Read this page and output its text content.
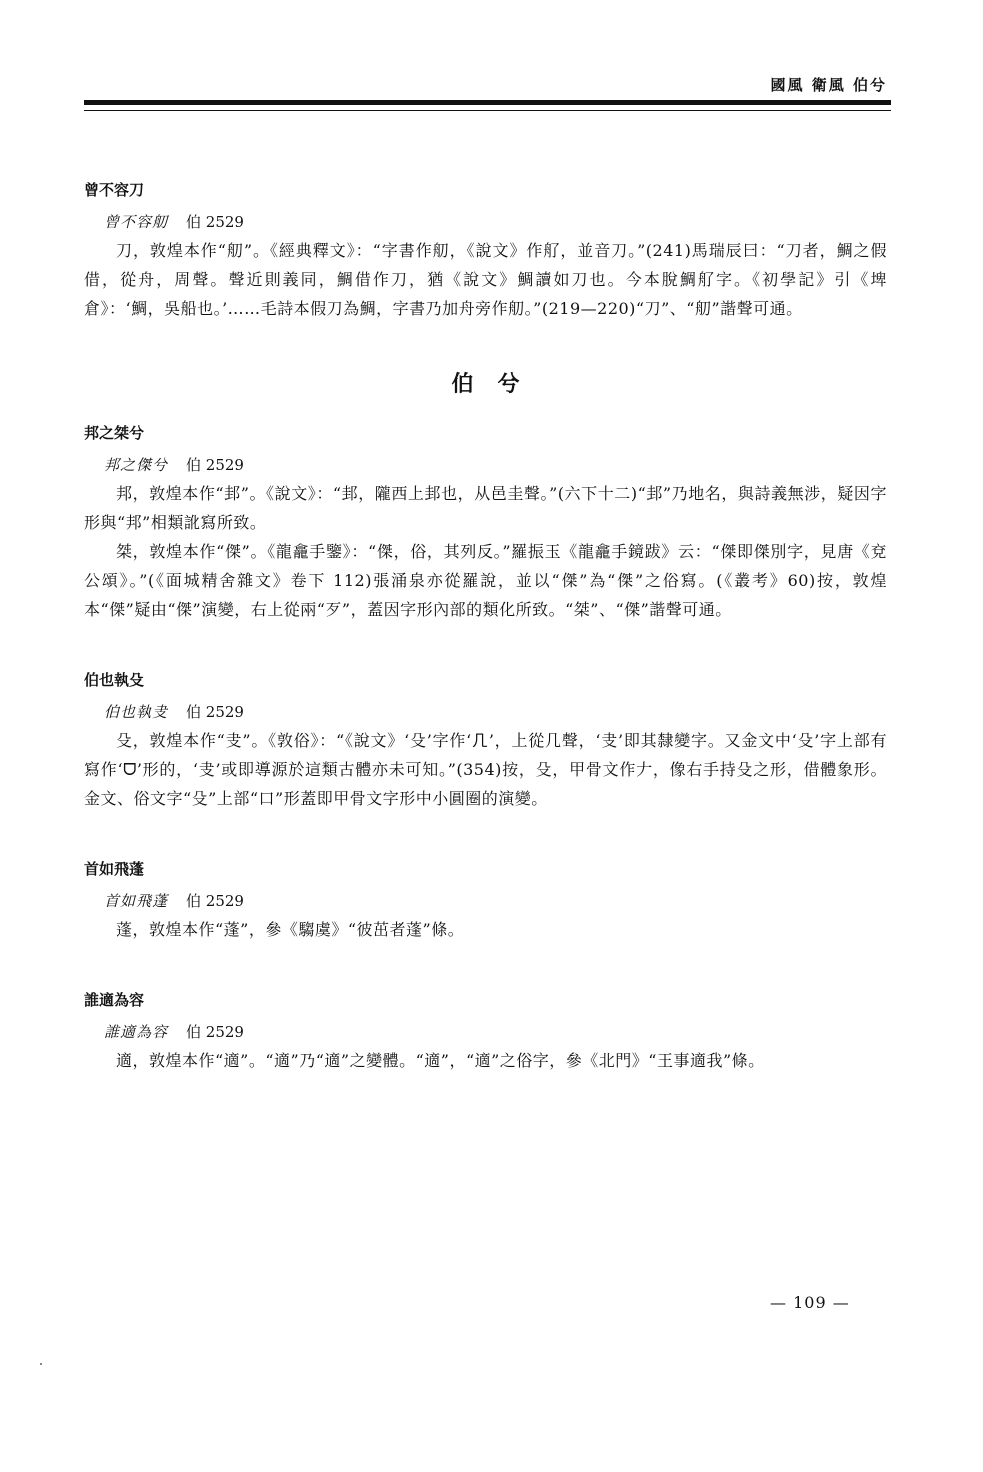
國風 衛風 伯兮
曾不容刀
曾不容舠 伯 2529

刀，敦煌本作“舠”。《經典釋文》：“字書作舠，《說文》作䑠，並音刀。”(241)馬瑞辰曰：“刀者，鯛之假借，從舟，周聲。聲近則義同，鯛借作刀，猶《說文》鯛讀如刀也。今本脫鯛䑠字。《初學記》引《埤倉》：‘鯛，吳船也。’……毛詩本假刀為鯛，字書乃加舟旁作舠。”(219—220)“刀”、“舠”諧聲可通。

伯兮
邦之桀兮
邦之傑兮 伯 2529

邦，敦煌本作“邽”。《說文》：“邽，隴西上邽也，从邑圭聲。”(六下十二)“邽”乃地名，與詩義無涉，疑因字形與“邦”相類訛寫所致。

桀，敦煌本作“傑”。《龍龕手鑒》：“傑，俗，其列反。”羅振玉《龍龕手鏡跋》云：“傑即傑別字，見唐《兗公頌》。”(《面城精舍雜文》卷下 112)張涌泉亦從羅說，並以“傑”為“傑”之俗寫。(《叢考》60)按，敦煌本“傑”疑由“傑”演變，右上從兩“歹”，蓋因字形內部的類化所致。“桀”、“傑”諧聲可通。

伯也執殳
伯也執叏 伯 2529

殳，敦煌本作“叏”。《敦俗》：“《說文》‘殳’字作‘𠘧’，上從几聲，‘叏’即其隸變字。又金文中‘殳’字上部有寫作‘ᗜ’形的，‘叏’或即導源於這類古體亦未可知。”(354)按，殳，甲骨文作𠂇，像右手持殳之形，借體象形。金文、俗文字“殳”上部“口”形蓋即甲骨文字形中小圓圈的演變。

首如飛蓬
首如飛蓬 伯 2529

蓬，敦煌本作“蓬”，參《騶虞》“彼茁者蓬”條。

誰適為容
誰適為容 伯 2529

適，敦煌本作“適”。“適”乃“適”之變體。“適”，“適”之俗字，參《北門》“王事適我”條。

— 109 —
